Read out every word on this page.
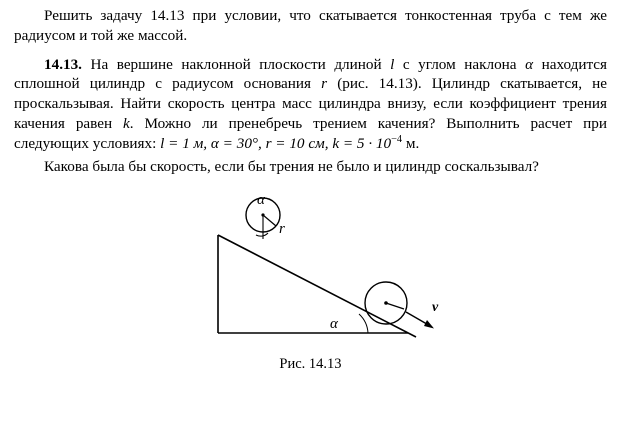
Решить задачу 14.13 при условии, что скатывается тонкостенная труба с тем же радиусом и той же массой.

14.13. На вершине наклонной плоскости длиной l с углом наклона α находится сплошной цилиндр с радиусом основания r (рис. 14.13). Цилиндр скатывается, не проскальзывая. Найти скорость центра масс цилиндра внизу, если коэффициент трения качения равен k. Можно ли пренебречь трением качения? Выполнить расчет при следующих условиях: l = 1 м, α = 30°, r = 10 см, $k = 5 \cdot 10^{-4}$ м.

Какова была бы скорость, если бы трения не было и цилиндр соскальзывал?

α
r
v
α
Рис. 14.13
